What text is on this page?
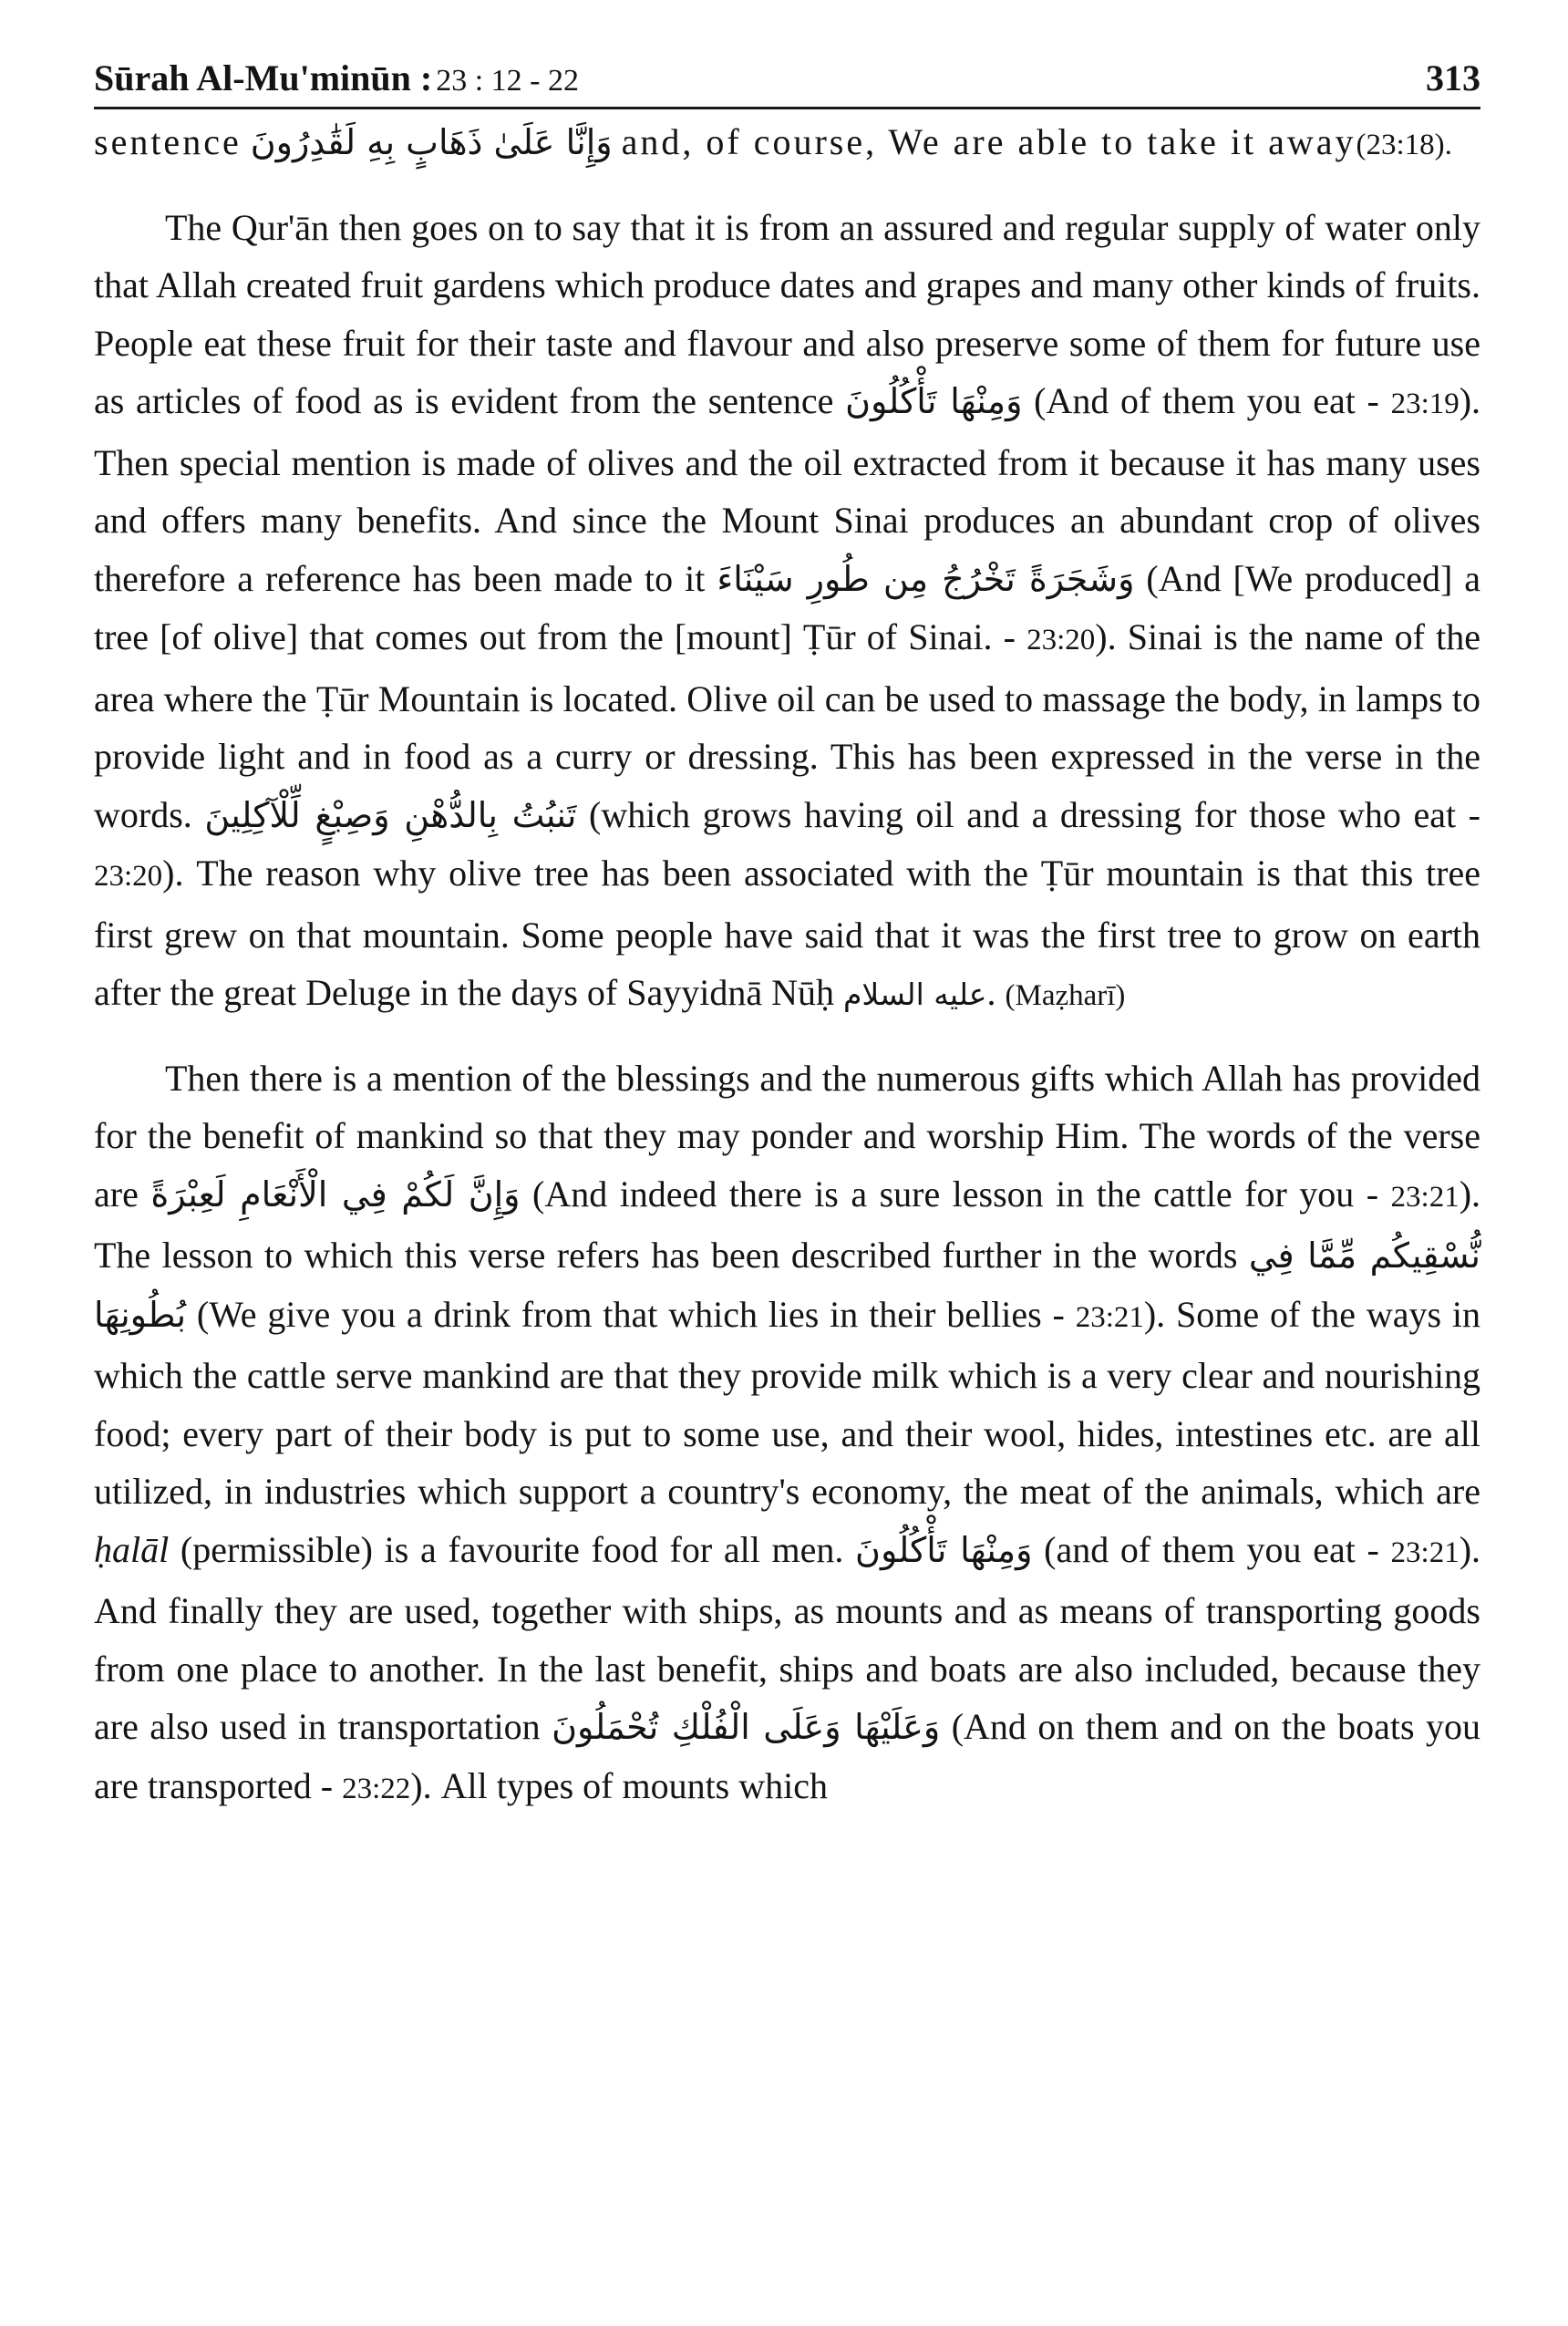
Sūrah Al-Mu'minūn : 23 : 12 - 22	313

sentence وَإِنَّا عَلَىٰ ذَهَابٍ بِهِ لَقَٰدِرُونَ and, of course, We are able to take it away(23:18).

The Qur'ān then goes on to say that it is from an assured and regular supply of water only that Allah created fruit gardens which produce dates and grapes and many other kinds of fruits. People eat these fruit for their taste and flavour and also preserve some of them for future use as articles of food as is evident from the sentence وَمِنْهَا تَأْكُلُونَ (And of them you eat - 23:19). Then special mention is made of olives and the oil extracted from it because it has many uses and offers many benefits. And since the Mount Sinai produces an abundant crop of olives therefore a reference has been made to it وَشَجَرَةً تَخْرُجُ مِن طُورِ سَيْنَاءَ (And [We produced] a tree [of olive] that comes out from the [mount] Ṭūr of Sinai. - 23:20). Sinai is the name of the area where the Ṭūr Mountain is located. Olive oil can be used to massage the body, in lamps to provide light and in food as a curry or dressing. This has been expressed in the verse in the words. تَنبُتُ بِالدُّهْنِ وَصِبْغٍ لِّلْآكِلِينَ (which grows having oil and a dressing for those who eat - 23:20). The reason why olive tree has been associated with the Ṭūr mountain is that this tree first grew on that mountain. Some people have said that it was the first tree to grow on earth after the great Deluge in the days of Sayyidnā Nūḥ عليه السلام. (Maẓharī)

Then there is a mention of the blessings and the numerous gifts which Allah has provided for the benefit of mankind so that they may ponder and worship Him. The words of the verse are وَإِنَّ لَكُمْ فِي الْأَنْعَامِ لَعِبْرَةً (And indeed there is a sure lesson in the cattle for you - 23:21). The lesson to which this verse refers has been described further in the words نُّسْقِيكُم مِّمَّا فِي بُطُونِهَا (We give you a drink from that which lies in their bellies - 23:21). Some of the ways in which the cattle serve mankind are that they provide milk which is a very clear and nourishing food; every part of their body is put to some use, and their wool, hides, intestines etc. are all utilized, in industries which support a country's economy, the meat of the animals, which are ḥalāl (permissible) is a favourite food for all men. وَمِنْهَا تَأْكُلُونَ (and of them you eat - 23:21). And finally they are used, together with ships, as mounts and as means of transporting goods from one place to another. In the last benefit, ships and boats are also included, because they are also used in transportation وَعَلَيْهَا وَعَلَى الْفُلْكِ تُحْمَلُونَ (And on them and on the boats you are transported - 23:22). All types of mounts which
